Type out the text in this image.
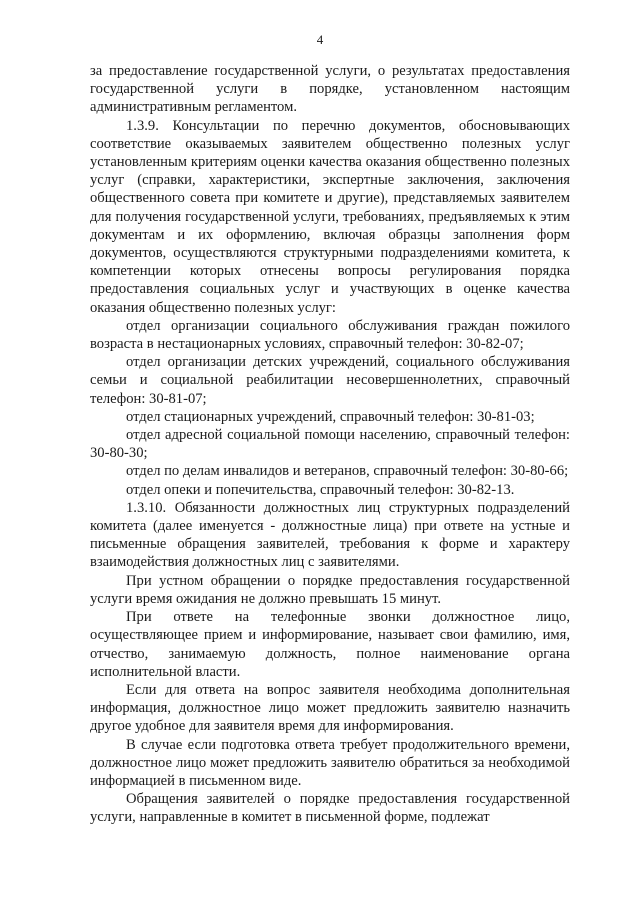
4

за предоставление государственной услуги, о результатах предоставления государственной услуги в порядке, установленном настоящим административным регламентом.

1.3.9. Консультации по перечню документов, обосновывающих соответствие оказываемых заявителем общественно полезных услуг установленным критериям оценки качества оказания общественно полезных услуг (справки, характеристики, экспертные заключения, заключения общественного совета при комитете и другие), представляемых заявителем для получения государственной услуги, требованиях, предъявляемых к этим документам и их оформлению, включая образцы заполнения форм документов, осуществляются структурными подразделениями комитета, к компетенции которых отнесены вопросы регулирования порядка предоставления социальных услуг и участвующих в оценке качества оказания общественно полезных услуг:

отдел организации социального обслуживания граждан пожилого возраста в нестационарных условиях, справочный телефон: 30-82-07;

отдел организации детских учреждений, социального обслуживания семьи и социальной реабилитации несовершеннолетних, справочный телефон: 30-81-07;

отдел стационарных учреждений, справочный телефон: 30-81-03;

отдел адресной социальной помощи населению, справочный телефон: 30-80-30;

отдел по делам инвалидов и ветеранов, справочный телефон: 30-80-66;

отдел опеки и попечительства, справочный телефон: 30-82-13.

1.3.10. Обязанности должностных лиц структурных подразделений комитета (далее именуется - должностные лица) при ответе на устные и письменные обращения заявителей, требования к форме и характеру взаимодействия должностных лиц с заявителями.

При устном обращении о порядке предоставления государственной услуги время ожидания не должно превышать 15 минут.

При ответе на телефонные звонки должностное лицо, осуществляющее прием и информирование, называет свои фамилию, имя, отчество, занимаемую должность, полное наименование органа исполнительной власти.

Если для ответа на вопрос заявителя необходима дополнительная информация, должностное лицо может предложить заявителю назначить другое удобное для заявителя время для информирования.

В случае если подготовка ответа требует продолжительного времени, должностное лицо может предложить заявителю обратиться за необходимой информацией в письменном виде.

Обращения заявителей о порядке предоставления государственной услуги, направленные в комитет в письменной форме, подлежат
